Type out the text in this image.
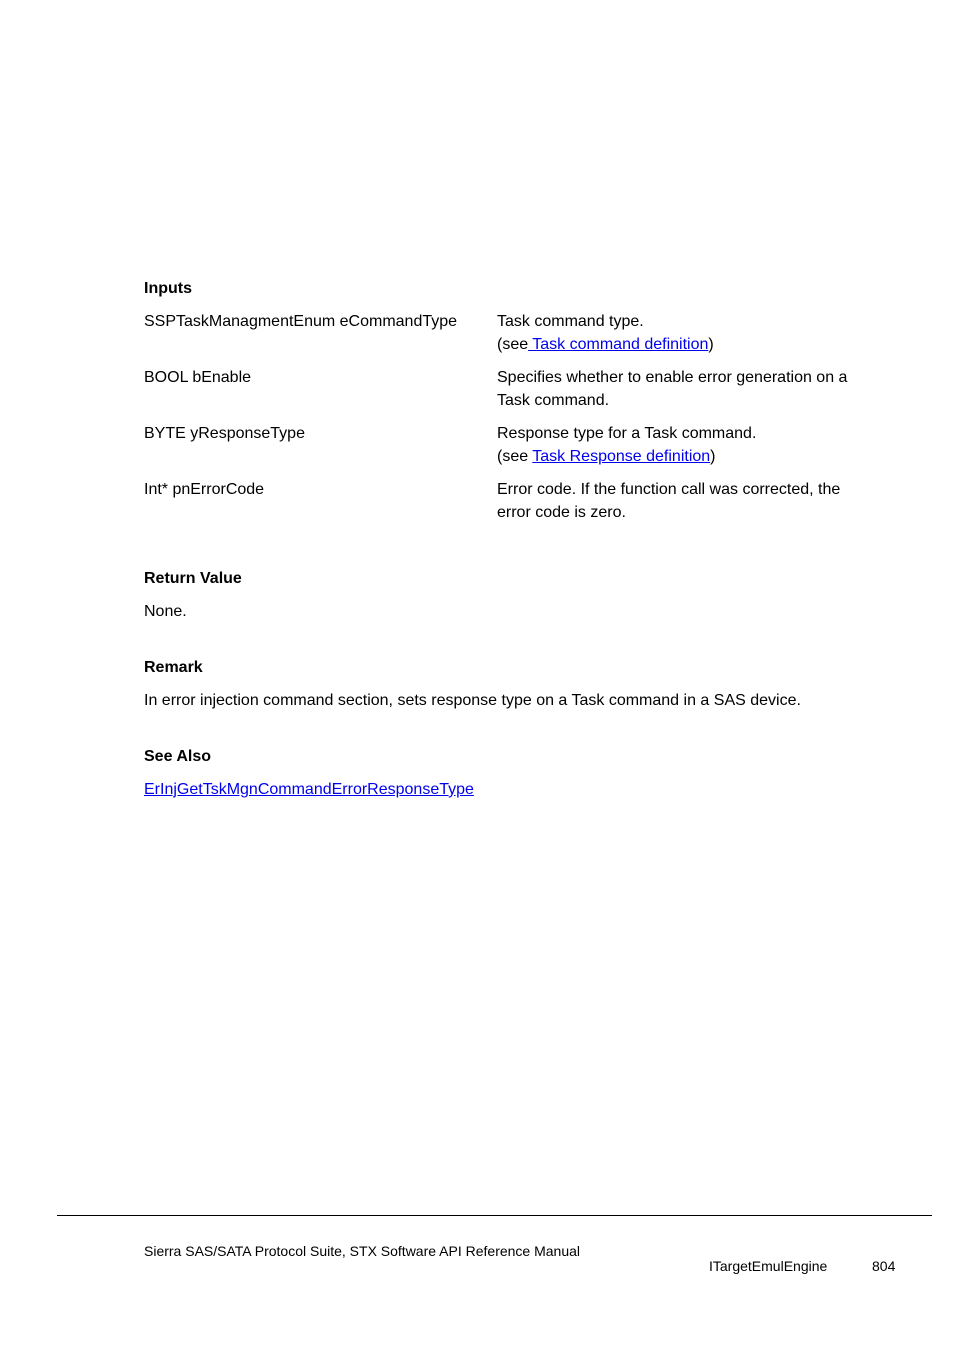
Inputs
SSPTaskManagmentEnum eCommandType	Task command type.
(see Task command definition)

BOOL bEnable	Specifies whether to enable error generation on a
Task command.

BYTE yResponseType	Response type for a Task command.
(see Task Response definition)

Int* pnErrorCode	Error code. If the function call was corrected, the
error code is zero.
Return Value

None.

Remark

In error injection command section, sets response type on a Task command in a SAS device.

See Also

ErInjGetTskMgnCommandErrorResponseType

Sierra SAS/SATA Protocol Suite, STX Software API Reference Manual
ITargetEmulEngine	804
